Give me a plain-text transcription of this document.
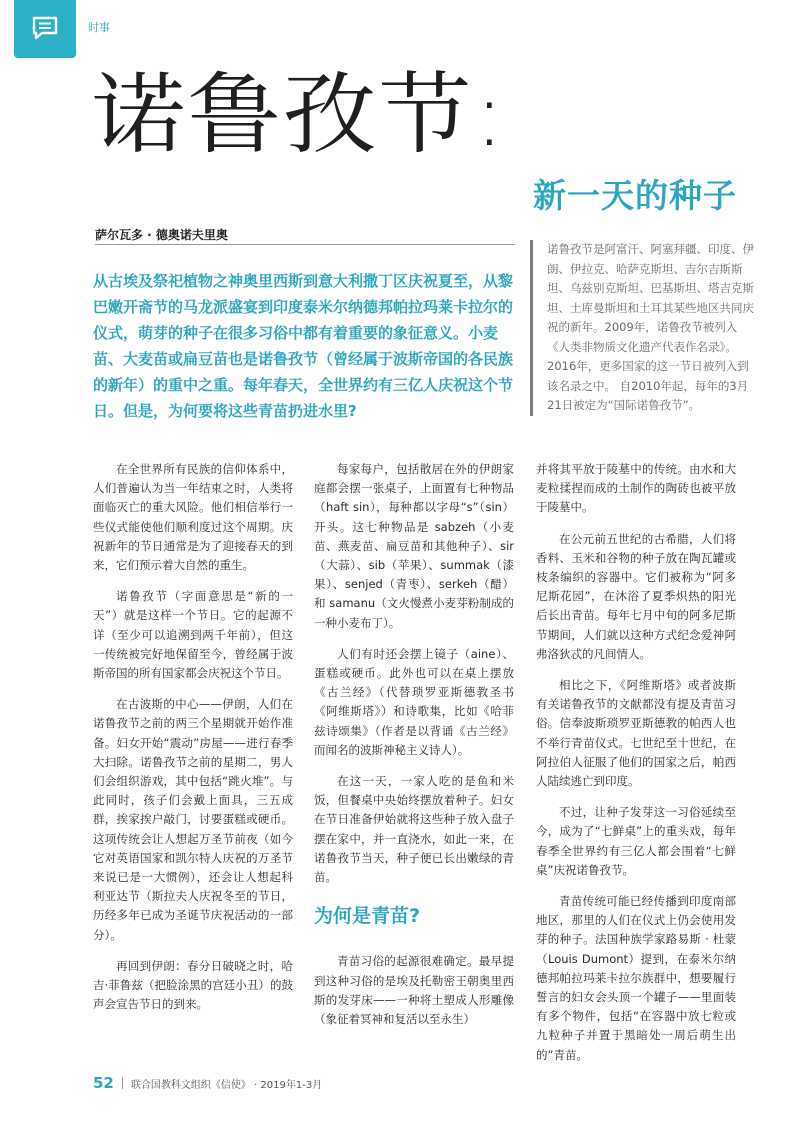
时事
诺鲁孜节:
新一天的种子
萨尔瓦多 · 德奥诺夫里奥

从古埃及祭祀植物之神奥里西斯到意大利撒丁区庆祝夏至，从黎巴嫩开斋节的马龙派盛宴到印度泰米尔纳德邦帕拉玛莱卡拉尔的仪式，萌芽的种子在很多习俗中都有着重要的象征意义。小麦苗、大麦苗或扁豆苗也是诺鲁孜节（曾经属于波斯帝国的各民族的新年）的重中之重。每年春天，全世界约有三亿人庆祝这个节日。但是，为何要将这些青苗扔进水里?

诺鲁孜节是阿富汗、阿塞拜疆、印度、伊朗、伊拉克、哈萨克斯坦、吉尔吉斯斯坦、乌兹别克斯坦、巴基斯坦、塔吉克斯坦、土库曼斯坦和土耳其某些地区共同庆祝的新年。2009年，诺鲁孜节被列入《人类非物质文化遗产代表作名录》。2016年，更多国家的这一节日被列入到该名录之中。 自2010年起，每年的3月21日被定为“国际诺鲁孜节”。

在全世界所有民族的信仰体系中，人们普遍认为当一年结束之时，人类将面临灭亡的重大风险。他们相信举行一些仪式能使他们顺利度过这个周期。庆祝新年的节日通常是为了迎接春天的到来，它们预示着大自然的重生。

诺鲁孜节（字面意思是“新的一天”）就是这样一个节日。它的起源不详（至少可以追溯到两千年前），但这一传统被完好地保留至今，曾经属于波斯帝国的所有国家都会庆祝这个节日。

在古波斯的中心——伊朗，人们在诺鲁孜节之前的两三个星期就开始作准备。妇女开始“震动”房屋——进行春季大扫除。诺鲁孜节之前的星期二，男人们会组织游戏，其中包括“跳火堆”。与此同时，孩子们会戴上面具，三五成群，挨家挨户敲门，讨要蛋糕或硬币。这项传统会让人想起万圣节前夜（如今它对英语国家和凯尔特人庆祝的万圣节来说已是一大惯例），还会让人想起科利亚达节（斯拉夫人庆祝冬至的节日，历经多年已成为圣诞节庆祝活动的一部分）。

再回到伊朗：春分日破晓之时，哈吉·菲鲁兹（把脸涂黑的宫廷小丑）的鼓声会宣告节日的到来。

每家每户，包括散居在外的伊朗家庭都会摆一张桌子，上面置有七种物品（haft sin），每种都以字母“s”（sin）开头。这七种物品是 sabzeh（小麦苗、燕麦苗、扁豆苗和其他种子）、sir（大蒜）、sib（苹果）、summak（漆果）、senjed（青枣）、serkeh（醋）和 samanu（文火慢煮小麦芽粉制成的一种小麦布丁）。

人们有时还会摆上镜子（aine）、蛋糕或硬币。此外也可以在桌上摆放《古兰经》（代替琐罗亚斯德教圣书《阿维斯塔》）和诗歌集，比如《哈菲兹诗颂集》（作者是以背诵《古兰经》而闻名的波斯神秘主义诗人）。

在这一天，一家人吃的是鱼和米饭，但餐桌中央始终摆放着种子。妇女在节日准备伊始就将这些种子放入盘子摆在家中，并一直浇水，如此一来，在诺鲁孜节当天，种子便已长出嫩绿的青苗。

为何是青苗?

青苗习俗的起源很难确定。最早提到这种习俗的是埃及托勒密王朝奥里西斯的发芽床——一种将土塑成人形雕像（象征着冥神和复活以至永生）

并将其平放于陵墓中的传统。由水和大麦粒揉捏而成的土制作的陶砖也被平放于陵墓中。

在公元前五世纪的古希腊，人们将香料、玉米和谷物的种子放在陶瓦罐或枝条编织的容器中。它们被称为“阿多尼斯花园”，在沐浴了夏季炽热的阳光后长出青苗。每年七月中旬的阿多尼斯节期间，人们就以这种方式纪念爱神阿弗洛狄忒的凡间情人。

相比之下，《阿维斯塔》或者波斯有关诺鲁孜节的文献都没有提及青苗习俗。信奉波斯琐罗亚斯德教的帕西人也不举行青苗仪式。七世纪至十世纪，在阿拉伯人征服了他们的国家之后，帕西人陆续逃亡到印度。

不过，让种子发芽这一习俗延续至今，成为了“七鲜桌”上的重头戏，每年春季全世界约有三亿人都会围着“七鲜桌”庆祝诺鲁孜节。

青苗传统可能已经传播到印度南部地区，那里的人们在仪式上仍会使用发芽的种子。法国种族学家路易斯 · 杜蒙（Louis Dumont）提到，在泰米尔纳德邦帕拉玛莱卡拉尔族群中，想要履行誓言的妇女会头顶一个罐子——里面装有多个物件，包括“在容器中放七粒或九粒种子并置于黑暗处一周后萌生出的”青苗。

52 联合国教科文组织《信使》 · 2019年1-3月
